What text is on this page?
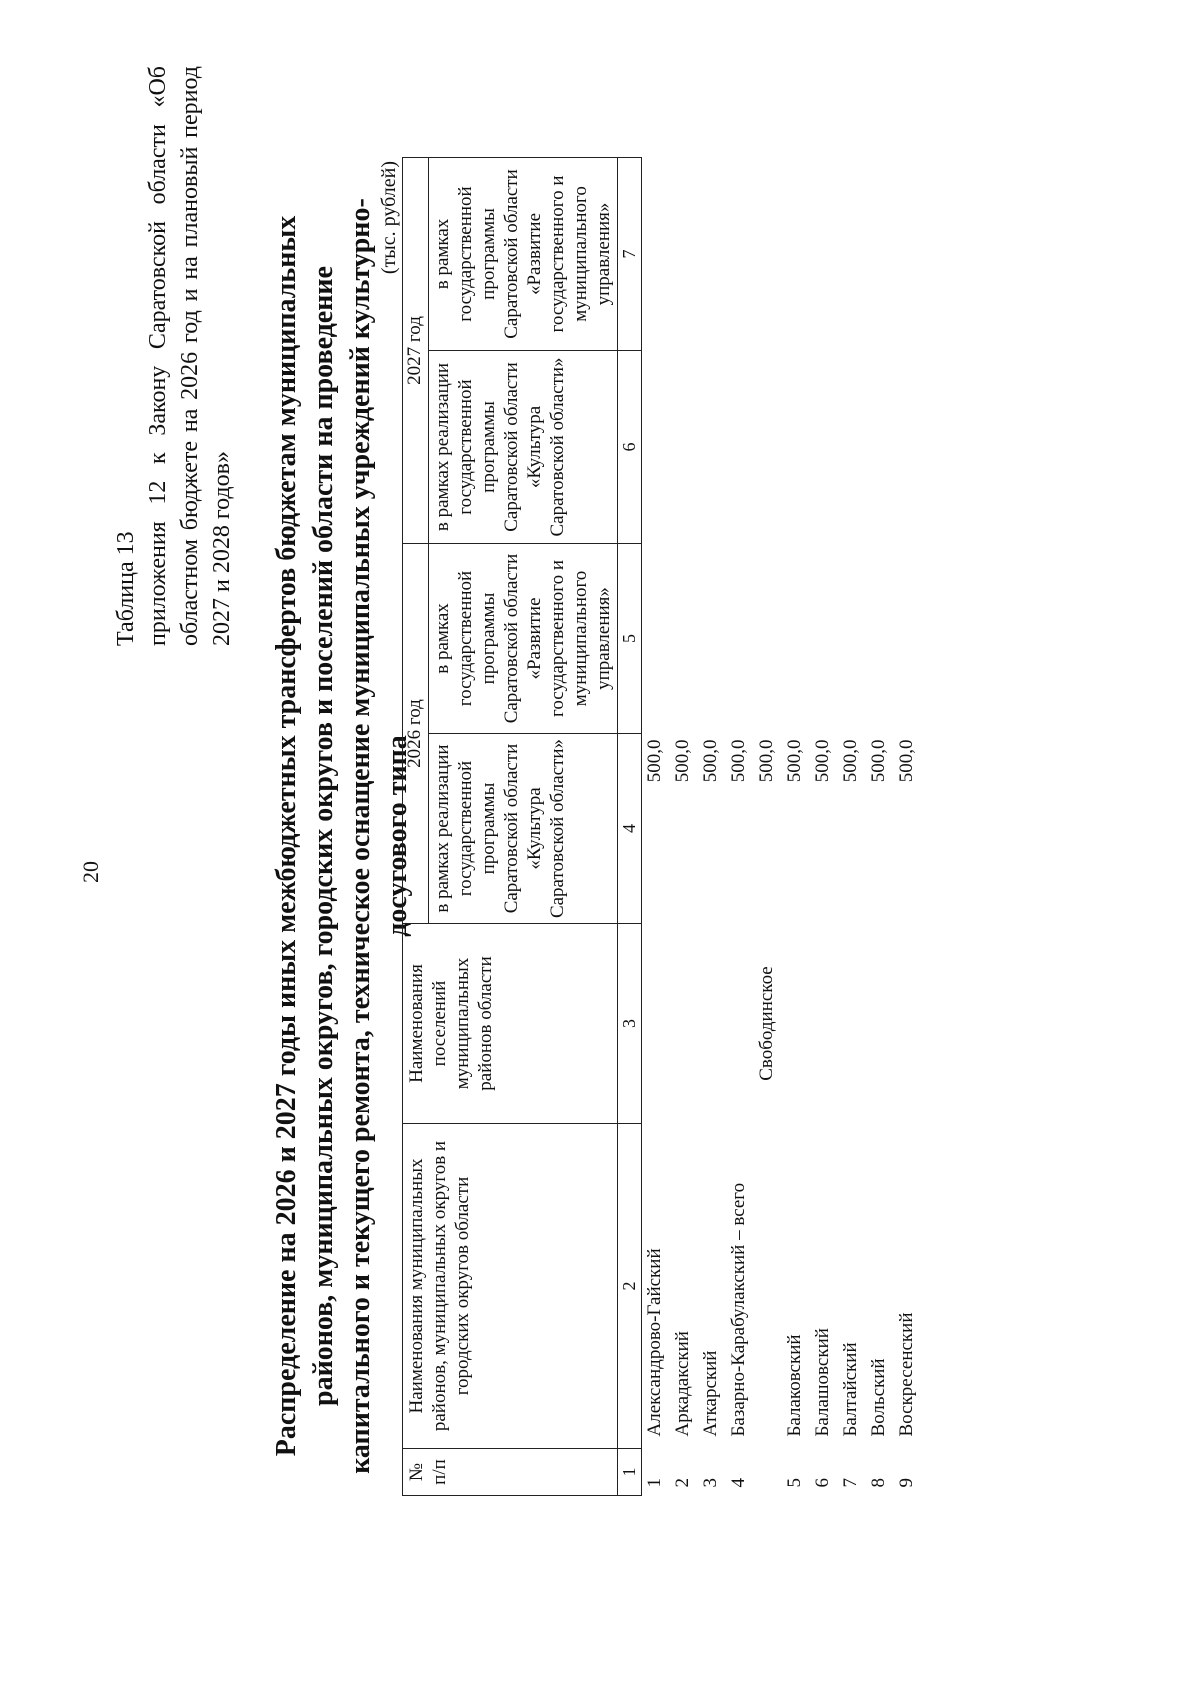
20
Таблица 13 приложения 12 к Закону Саратовской области «Об областном бюджете на 2026 год и на плановый период 2027 и 2028 годов» Распределение на 2026 и 2027 годы иных межбюджетных трансфертов бюджетам муниципальных районов, муниципальных округов, городских округов и поселений области на проведение капитального и текущего ремонта, техническое оснащение муниципальных учреждений культурно-досугового типа
(тыс. рублей)
№ п/п	Наименования муниципальных районов, муниципальных округов и городских округов области	Наименования поселений муниципальных районов области	2026 год		2027 год	
			в рамках реализации государственной программы Саратовской области «Культура Саратовской области»	в рамках государственной программы Саратовской области «Развитие государственного и муниципального управления»	в рамках реализации государственной программы Саратовской области «Культура Саратовской области»	в рамках государственной программы Саратовской области «Развитие государственного и муниципального управления»
1	2	3	4	5	6	7
1	Александрово-Гайский		500,0			
2	Аркадакский		500,0			
3	Аткарский		500,0			
4	Базарно-Карабулакский – всего		500,0			
		Свободинское	500,0			
5	Балаковский		500,0			
6	Балашовский		500,0			
7	Балтайский		500,0			
8	Вольский		500,0			
9	Воскресенский		500,0			
